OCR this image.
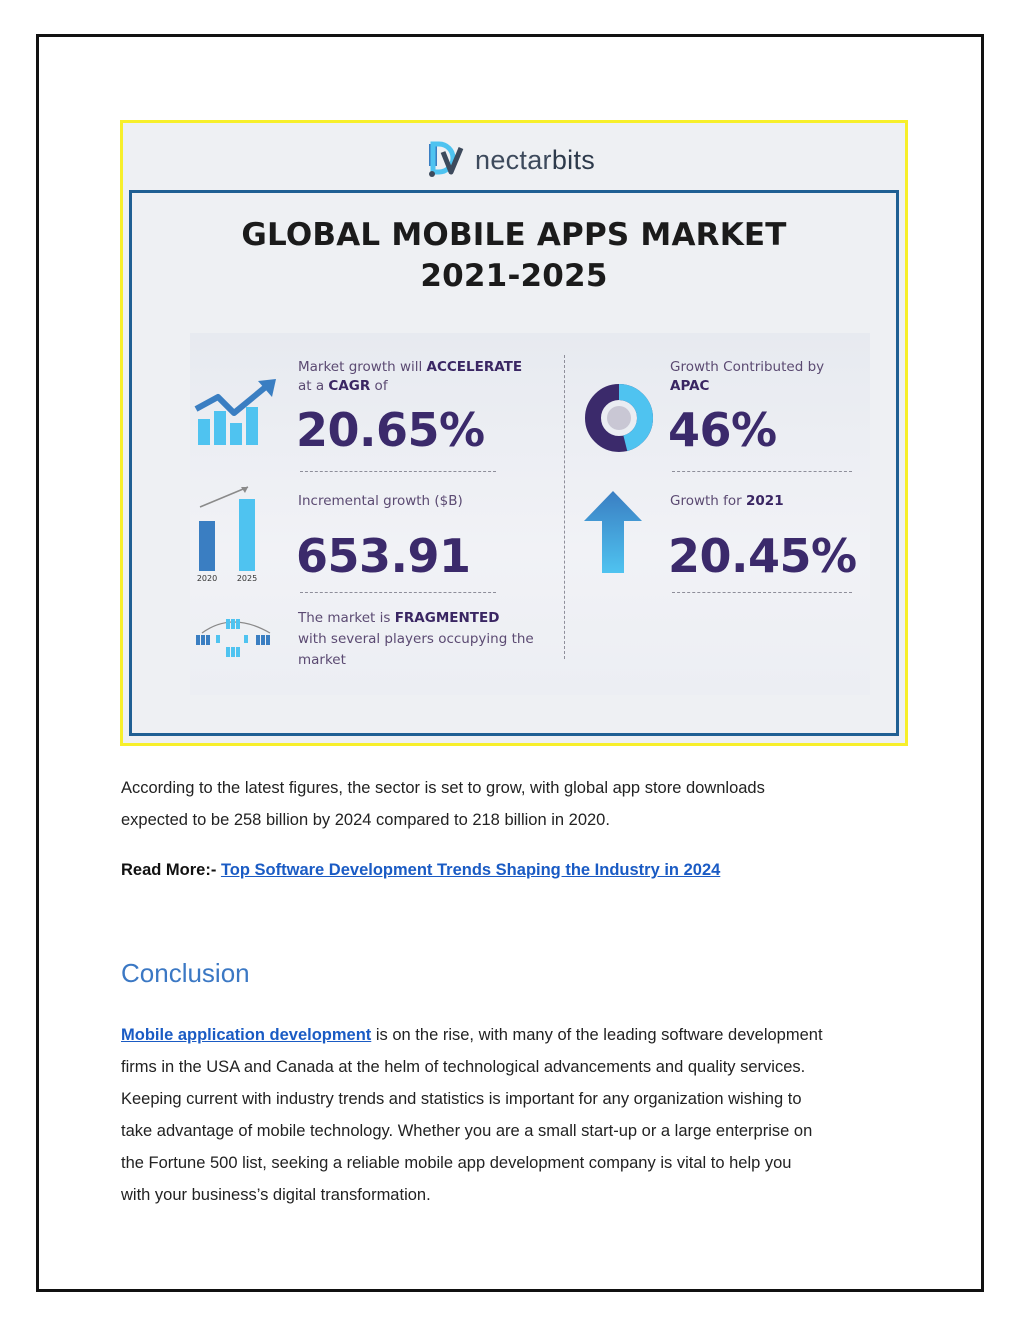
nectarbits
GLOBAL MOBILE APPS MARKET
2021-2025
Market growth will ACCELERATE
at a CAGR of
20.65%
Growth Contributed by
APAC
46%
2020 2025
Incremental growth ($B)
653.91
Growth for 2021
20.45%
The market is FRAGMENTED
with several players occupying the
market

According to the latest figures, the sector is set to grow, with global app store downloads
expected to be 258 billion by 2024 compared to 218 billion in 2020.

Read More:- Top Software Development Trends Shaping the Industry in 2024
Conclusion

Mobile application development is on the rise, with many of the leading software development
firms in the USA and Canada at the helm of technological advancements and quality services.
Keeping current with industry trends and statistics is important for any organization wishing to
take advantage of mobile technology. Whether you are a small start-up or a large enterprise on
the Fortune 500 list, seeking a reliable mobile app development company is vital to help you
with your business’s digital transformation.
